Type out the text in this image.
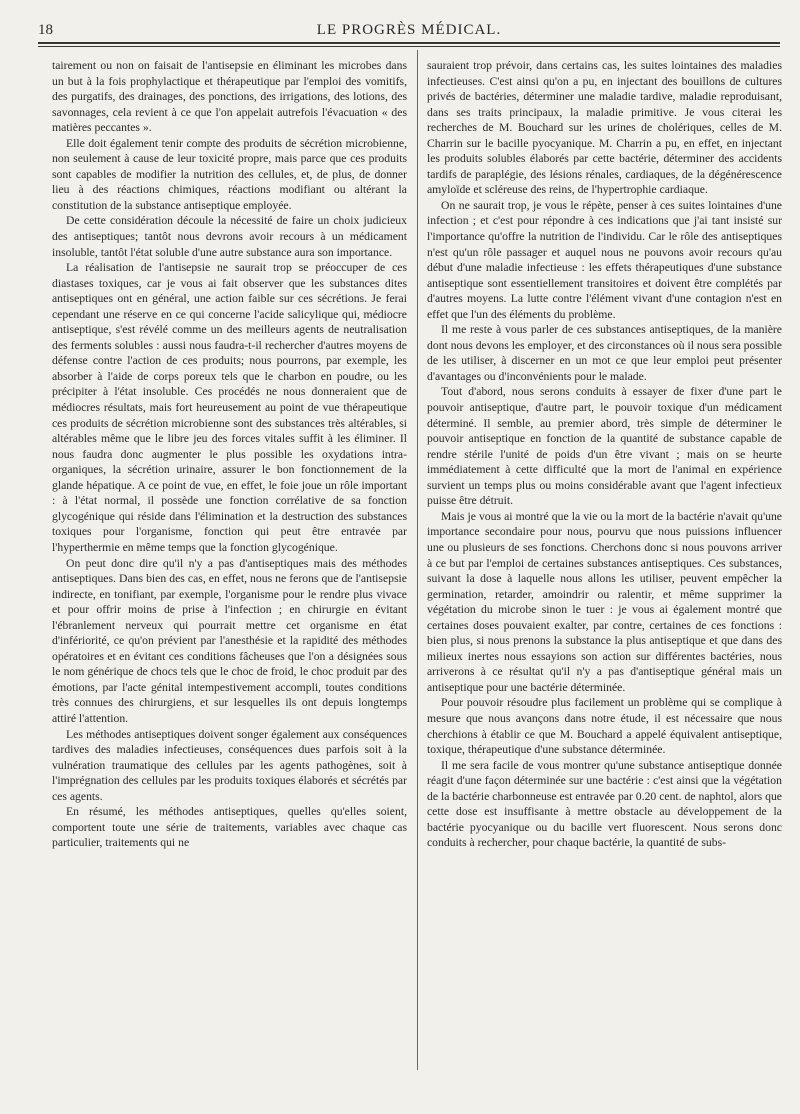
18	LE PROGRÈS MÉDICAL.

tairement ou non on faisait de l'antisepsie en éliminant les microbes dans un but à la fois prophylactique et thérapeutique par l'emploi des vomitifs, des purgatifs, des drainages, des ponctions, des irrigations, des lotions, des savonnages, cela revient à ce que l'on appelait autrefois l'évacuation « des matières peccantes ».

Elle doit également tenir compte des produits de sécrétion microbienne, non seulement à cause de leur toxicité propre, mais parce que ces produits sont capables de modifier la nutrition des cellules, et, de plus, de donner lieu à des réactions chimiques, réactions modifiant ou altérant la constitution de la substance antiseptique employée.

De cette considération découle la nécessité de faire un choix judicieux des antiseptiques; tantôt nous devrons avoir recours à un médicament insoluble, tantôt l'état soluble d'une autre substance aura son importance.

La réalisation de l'antisepsie ne saurait trop se préoccuper de ces diastases toxiques, car je vous ai fait observer que les substances dites antiseptiques ont en général, une action faible sur ces sécrétions. Je ferai cependant une réserve en ce qui concerne l'acide salicylique qui, médiocre antiseptique, s'est révélé comme un des meilleurs agents de neutralisation des ferments solubles : aussi nous faudra-t-il rechercher d'autres moyens de défense contre l'action de ces produits; nous pourrons, par exemple, les absorber à l'aide de corps poreux tels que le charbon en poudre, ou les précipiter à l'état insoluble. Ces procédés ne nous donneraient que de médiocres résultats, mais fort heureusement au point de vue thérapeutique ces produits de sécrétion microbienne sont des substances très altérables, si altérables même que le libre jeu des forces vitales suffit à les éliminer. Il nous faudra donc augmenter le plus possible les oxydations intra-organiques, la sécrétion urinaire, assurer le bon fonctionnement de la glande hépatique. A ce point de vue, en effet, le foie joue un rôle important : à l'état normal, il possède une fonction corrélative de sa fonction glycogénique qui réside dans l'élimination et la destruction des substances toxiques pour l'organisme, fonction qui peut être entravée par l'hyperthermie en même temps que la fonction glycogénique.

On peut donc dire qu'il n'y a pas d'antiseptiques mais des méthodes antiseptiques. Dans bien des cas, en effet, nous ne ferons que de l'antisepsie indirecte, en tonifiant, par exemple, l'organisme pour le rendre plus vivace et pour offrir moins de prise à l'infection ; en chirurgie en évitant l'ébranlement nerveux qui pourrait mettre cet organisme en état d'infériorité, ce qu'on prévient par l'anesthésie et la rapidité des méthodes opératoires et en évitant ces conditions fâcheuses que l'on a désignées sous le nom générique de chocs tels que le choc de froid, le choc produit par des émotions, par l'acte génital intempestivement accompli, toutes conditions très connues des chirurgiens, et sur lesquelles ils ont depuis longtemps attiré l'attention.

Les méthodes antiseptiques doivent songer également aux conséquences tardives des maladies infectieuses, conséquences dues parfois soit à la vulnération traumatique des cellules par les agents pathogènes, soit à l'imprégnation des cellules par les produits toxiques élaborés et sécrétés par ces agents.

En résumé, les méthodes antiseptiques, quelles qu'elles soient, comportent toute une série de traitements, variables avec chaque cas particulier, traitements qui ne

sauraient trop prévoir, dans certains cas, les suites lointaines des maladies infectieuses. C'est ainsi qu'on a pu, en injectant des bouillons de cultures privés de bactéries, déterminer une maladie tardive, maladie reproduisant, dans ses traits principaux, la maladie primitive. Je vous citerai les recherches de M. Bouchard sur les urines de cholériques, celles de M. Charrin sur le bacille pyocyanique. M. Charrin a pu, en effet, en injectant les produits solubles élaborés par cette bactérie, déterminer des accidents tardifs de paraplégie, des lésions rénales, cardiaques, de la dégénérescence amyloïde et scléreuse des reins, de l'hypertrophie cardiaque.

On ne saurait trop, je vous le répète, penser à ces suites lointaines d'une infection ; et c'est pour répondre à ces indications que j'ai tant insisté sur l'importance qu'offre la nutrition de l'individu. Car le rôle des antiseptiques n'est qu'un rôle passager et auquel nous ne pouvons avoir recours qu'au début d'une maladie infectieuse : les effets thérapeutiques d'une substance antiseptique sont essentiellement transitoires et doivent être complétés par d'autres moyens. La lutte contre l'élément vivant d'une contagion n'est en effet que l'un des éléments du problème.

Il me reste à vous parler de ces substances antiseptiques, de la manière dont nous devons les employer, et des circonstances où il nous sera possible de les utiliser, à discerner en un mot ce que leur emploi peut présenter d'avantages ou d'inconvénients pour le malade.

Tout d'abord, nous serons conduits à essayer de fixer d'une part le pouvoir antiseptique, d'autre part, le pouvoir toxique d'un médicament déterminé. Il semble, au premier abord, très simple de déterminer le pouvoir antiseptique en fonction de la quantité de substance capable de rendre stérile l'unité de poids d'un être vivant ; mais on se heurte immédiatement à cette difficulté que la mort de l'animal en expérience survient un temps plus ou moins considérable avant que l'agent infectieux puisse être détruit.

Mais je vous ai montré que la vie ou la mort de la bactérie n'avait qu'une importance secondaire pour nous, pourvu que nous puissions influencer une ou plusieurs de ses fonctions. Cherchons donc si nous pouvons arriver à ce but par l'emploi de certaines substances antiseptiques. Ces substances, suivant la dose à laquelle nous allons les utiliser, peuvent empêcher la germination, retarder, amoindrir ou ralentir, et même supprimer la végétation du microbe sinon le tuer : je vous ai également montré que certaines doses pouvaient exalter, par contre, certaines de ces fonctions : bien plus, si nous prenons la substance la plus antiseptique et que dans des milieux inertes nous essayions son action sur différentes bactéries, nous arriverons à ce résultat qu'il n'y a pas d'antiseptique général mais un antiseptique pour une bactérie déterminée.

Pour pouvoir résoudre plus facilement un problème qui se complique à mesure que nous avançons dans notre étude, il est nécessaire que nous cherchions à établir ce que M. Bouchard a appelé équivalent antiseptique, toxique, thérapeutique d'une substance déterminée.

Il me sera facile de vous montrer qu'une substance antiseptique donnée réagit d'une façon déterminée sur une bactérie : c'est ainsi que la végétation de la bactérie charbonneuse est entravée par 0.20 cent. de naphtol, alors que cette dose est insuffisante à mettre obstacle au développement de la bactérie pyocyanique ou du bacille vert fluorescent. Nous serons donc conduits à rechercher, pour chaque bactérie, la quantité de subs-
